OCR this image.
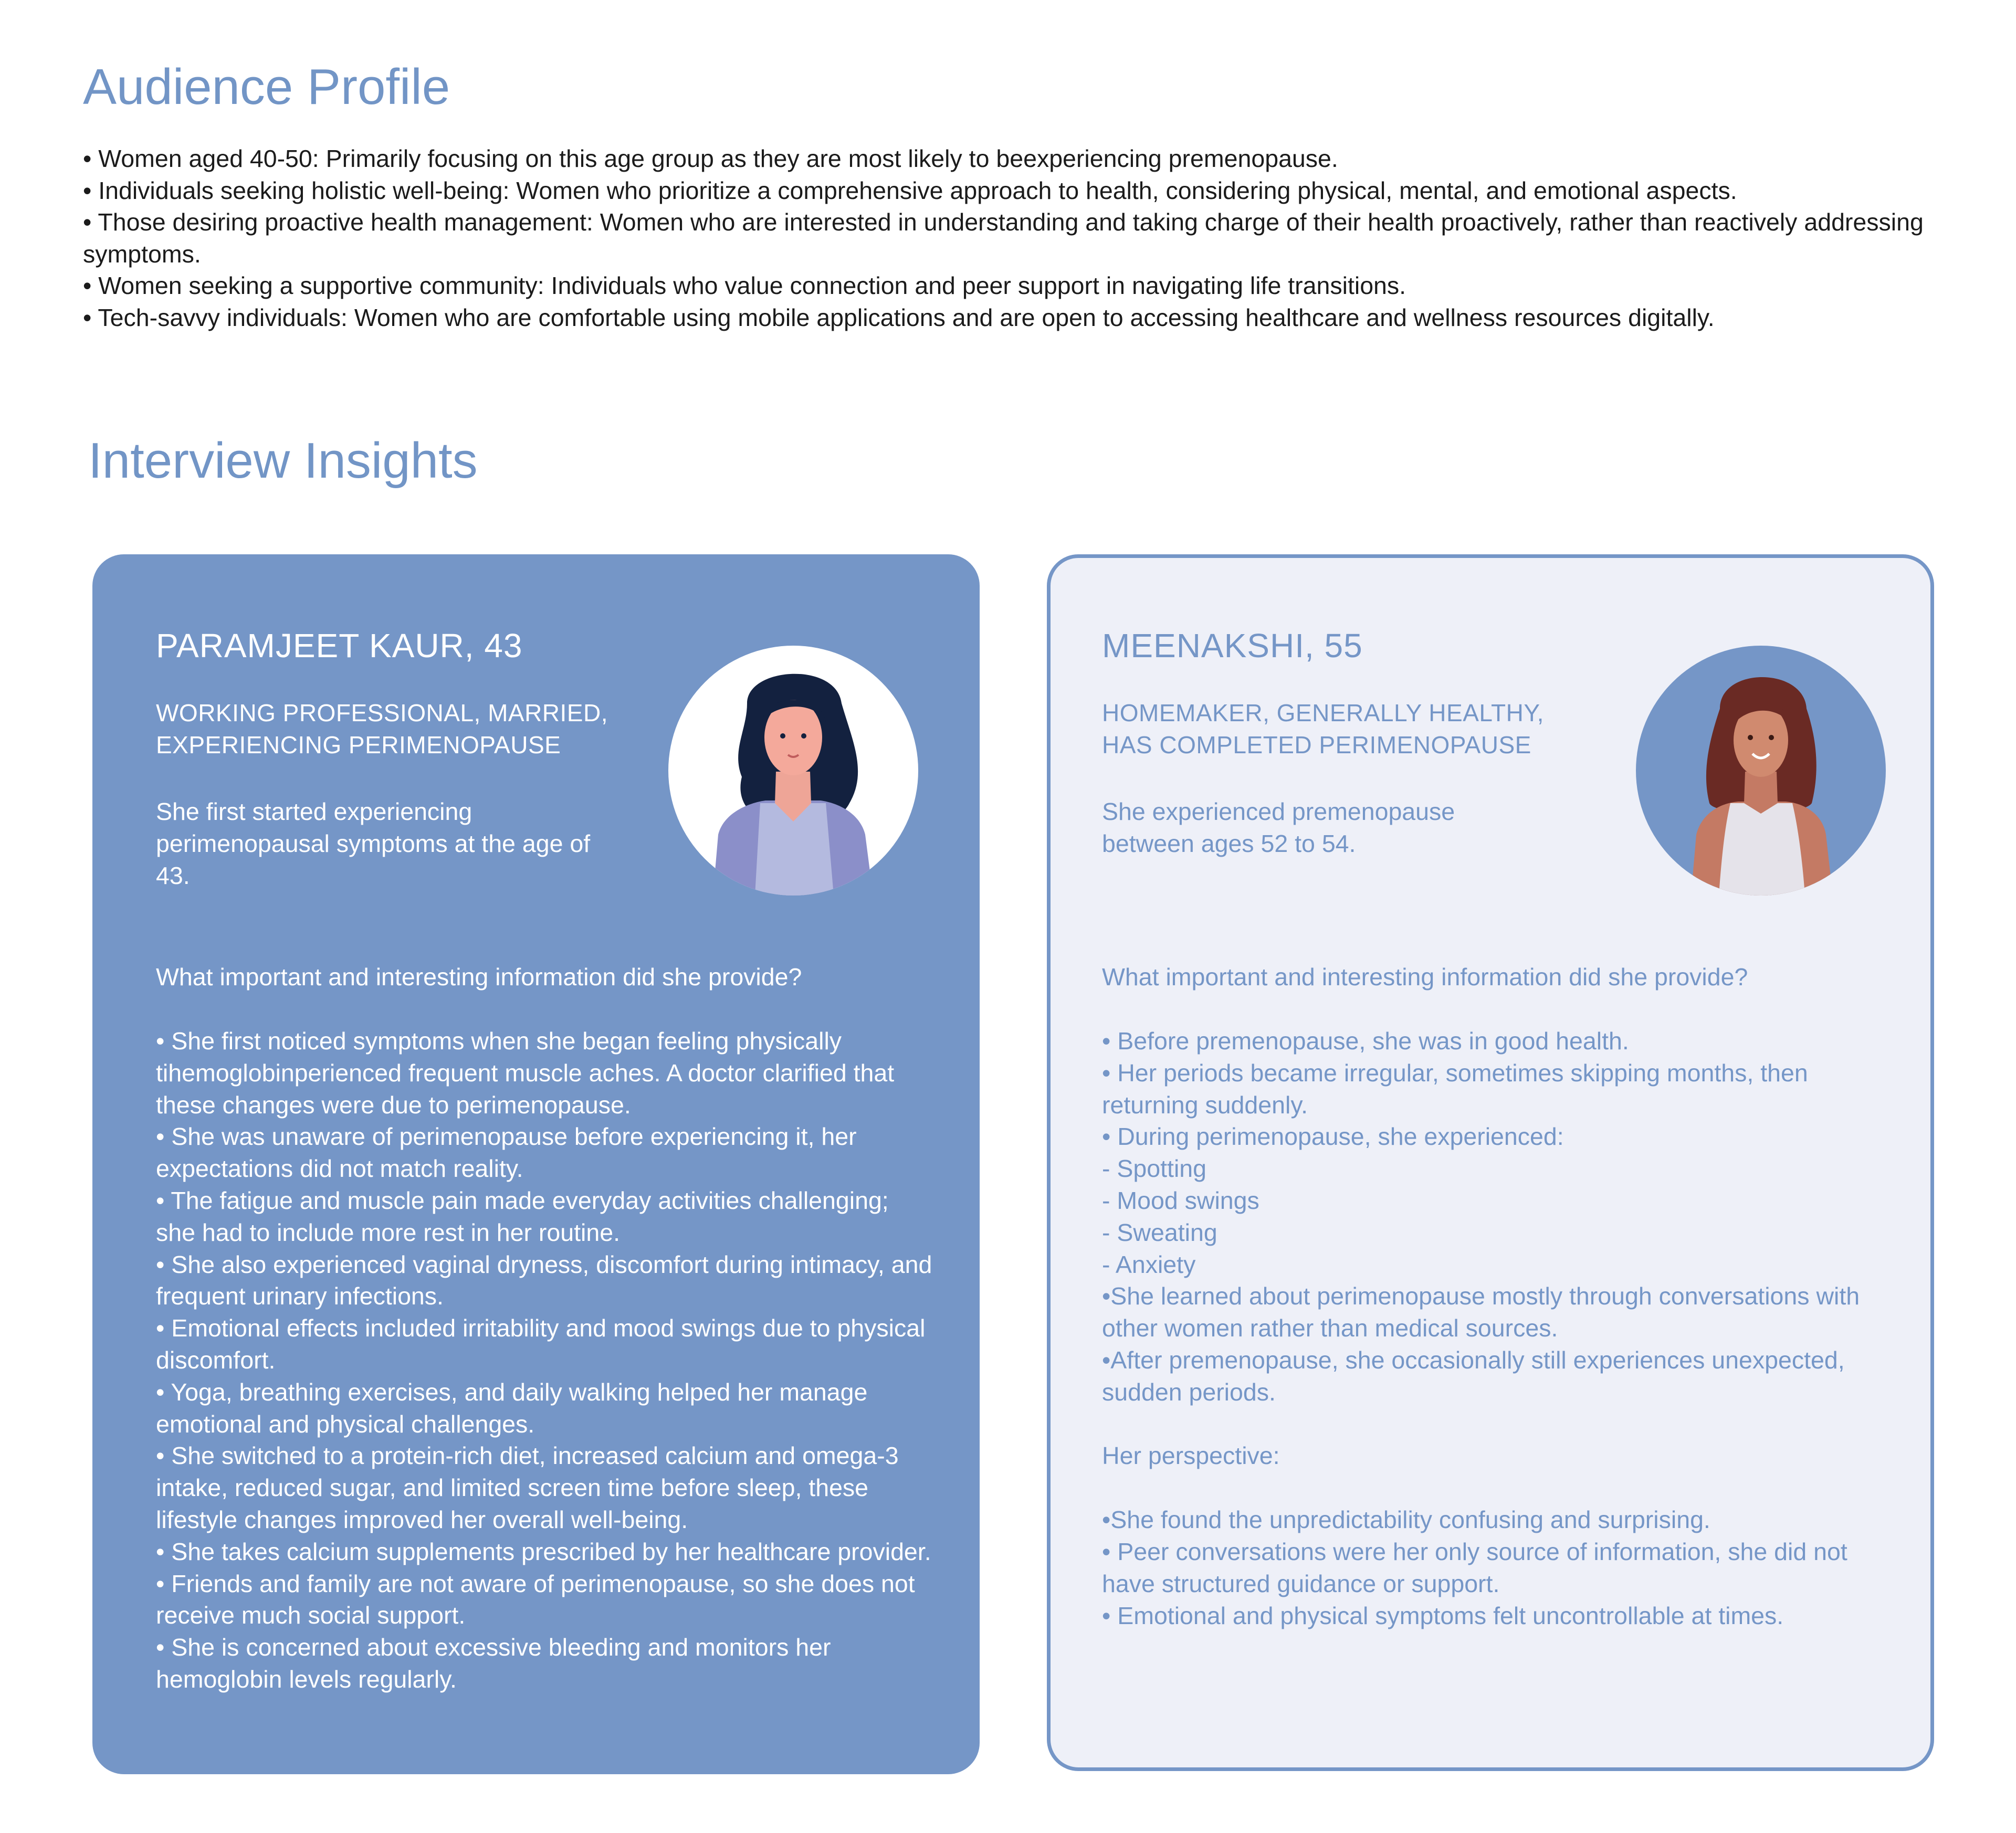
Audience Profile
• Women aged 40-50: Primarily focusing on this age group as they are most likely to beexperiencing premenopause.
• Individuals seeking holistic well-being: Women who prioritize a comprehensive approach to health, considering physical, mental, and emotional aspects.
• Those desiring proactive health management: Women who are interested in understanding and taking charge of their health proactively, rather than reactively addressing symptoms.
• Women seeking a supportive community: Individuals who value connection and peer support in navigating life transitions.
• Tech-savvy individuals: Women who are comfortable using mobile applications and are open to accessing healthcare and wellness resources digitally.
Interview Insights
PARAMJEET KAUR, 43
WORKING PROFESSIONAL, MARRIED,
EXPERIENCING PERIMENOPAUSE

She first started experiencing perimenopausal symptoms at the age of 43.

What important and interesting information did she provide?

• She first noticed symptoms when she began feeling physically tihemoglobinperienced frequent muscle aches. A doctor clarified that these changes were due to perimenopause.
• She was unaware of perimenopause before experiencing it, her expectations did not match reality.
• The fatigue and muscle pain made everyday activities challenging; she had to include more rest in her routine.
• She also experienced vaginal dryness, discomfort during intimacy, and frequent urinary infections.
• Emotional effects included irritability and mood swings due to physical discomfort.
• Yoga, breathing exercises, and daily walking helped her manage emotional and physical challenges.
• She switched to a protein-rich diet, increased calcium and omega-3 intake, reduced sugar, and limited screen time before sleep, these lifestyle changes improved her overall well-being.
• She takes calcium supplements prescribed by her healthcare provider.
• Friends and family are not aware of perimenopause, so she does not receive much social support.
• She is concerned about excessive bleeding and monitors her hemoglobin levels regularly.
MEENAKSHI, 55
HOMEMAKER, GENERALLY HEALTHY,
HAS COMPLETED PERIMENOPAUSE

She experienced premenopause between ages 52 to 54.

What important and interesting information did she provide?

• Before premenopause, she was in good health.
• Her periods became irregular, sometimes skipping months, then returning suddenly.
• During perimenopause, she experienced:
- Spotting
- Mood swings
- Sweating
- Anxiety
•She learned about perimenopause mostly through conversations with other women rather than medical sources.
•After premenopause, she occasionally still experiences unexpected, sudden periods.

Her perspective:

•She found the unpredictability confusing and surprising.
• Peer conversations were her only source of information, she did not have structured guidance or support.
• Emotional and physical symptoms felt uncontrollable at times.
